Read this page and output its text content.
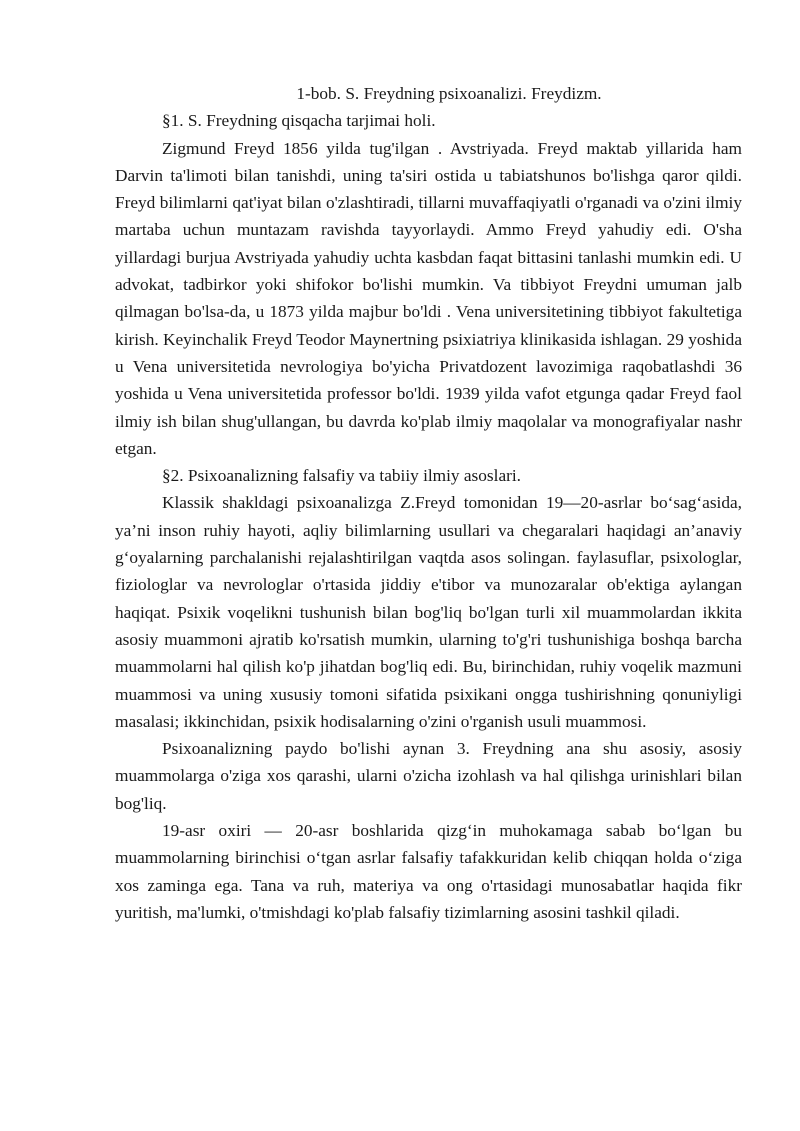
1-bob. S. Freydning psixoanalizi. Freydizm.

§1. S. Freydning qisqacha tarjimai holi.

Zigmund Freyd 1856 yilda tug'ilgan . Avstriyada. Freyd maktab yillarida ham Darvin ta'limoti bilan tanishdi, uning ta'siri ostida u tabiatshunos bo'lishga qaror qildi. Freyd bilimlarni qat'iyat bilan o'zlashtiradi, tillarni muvaffaqiyatli o'rganadi va o'zini ilmiy martaba uchun muntazam ravishda tayyorlaydi. Ammo Freyd yahudiy edi. O'sha yillardagi burjua Avstriyada yahudiy uchta kasbdan faqat bittasini tanlashi mumkin edi. U advokat, tadbirkor yoki shifokor bo'lishi mumkin. Va tibbiyot Freydni umuman jalb qilmagan bo'lsa-da, u 1873 yilda majbur bo'ldi . Vena universitetining tibbiyot fakultetiga kirish. Keyinchalik Freyd Teodor Maynertning psixiatriya klinikasida ishlagan. 29 yoshida u Vena universitetida nevrologiya bo'yicha Privatdozent lavozimiga raqobatlashdi 36 yoshida u Vena universitetida professor bo'ldi. 1939 yilda vafot etgunga qadar Freyd faol ilmiy ish bilan shug'ullangan, bu davrda ko'plab ilmiy maqolalar va monografiyalar nashr etgan.

§2. Psixoanalizning falsafiy va tabiiy ilmiy asoslari.

Klassik shakldagi psixoanalizga Z.Freyd tomonidan 19—20-asrlar bo‘sag‘asida, ya’ni inson ruhiy hayoti, aqliy bilimlarning usullari va chegaralari haqidagi an’anaviy g‘oyalarning parchalanishi rejalashtirilgan vaqtda asos solingan. faylasuflar, psixologlar, fiziologlar va nevrologlar o'rtasida jiddiy e'tibor va munozaralar ob'ektiga aylangan haqiqat. Psixik voqelikni tushunish bilan bog'liq bo'lgan turli xil muammolardan ikkita asosiy muammoni ajratib ko'rsatish mumkin, ularning to'g'ri tushunishiga boshqa barcha muammolarni hal qilish ko'p jihatdan bog'liq edi. Bu, birinchidan, ruhiy voqelik mazmuni muammosi va uning xususiy tomoni sifatida psixikani ongga tushirishning qonuniyligi masalasi; ikkinchidan, psixik hodisalarning o'zini o'rganish usuli muammosi.

Psixoanalizning paydo bo'lishi aynan 3. Freydning ana shu asosiy, asosiy muammolarga o'ziga xos qarashi, ularni o'zicha izohlash va hal qilishga urinishlari bilan bog'liq.

19-asr oxiri — 20-asr boshlarida qizg‘in muhokamaga sabab bo‘lgan bu muammolarning birinchisi o‘tgan asrlar falsafiy tafakkuridan kelib chiqqan holda o‘ziga xos zaminga ega. Tana va ruh, materiya va ong o'rtasidagi munosabatlar haqida fikr yuritish, ma'lumki, o'tmishdagi ko'plab falsafiy tizimlarning asosini tashkil qiladi.
